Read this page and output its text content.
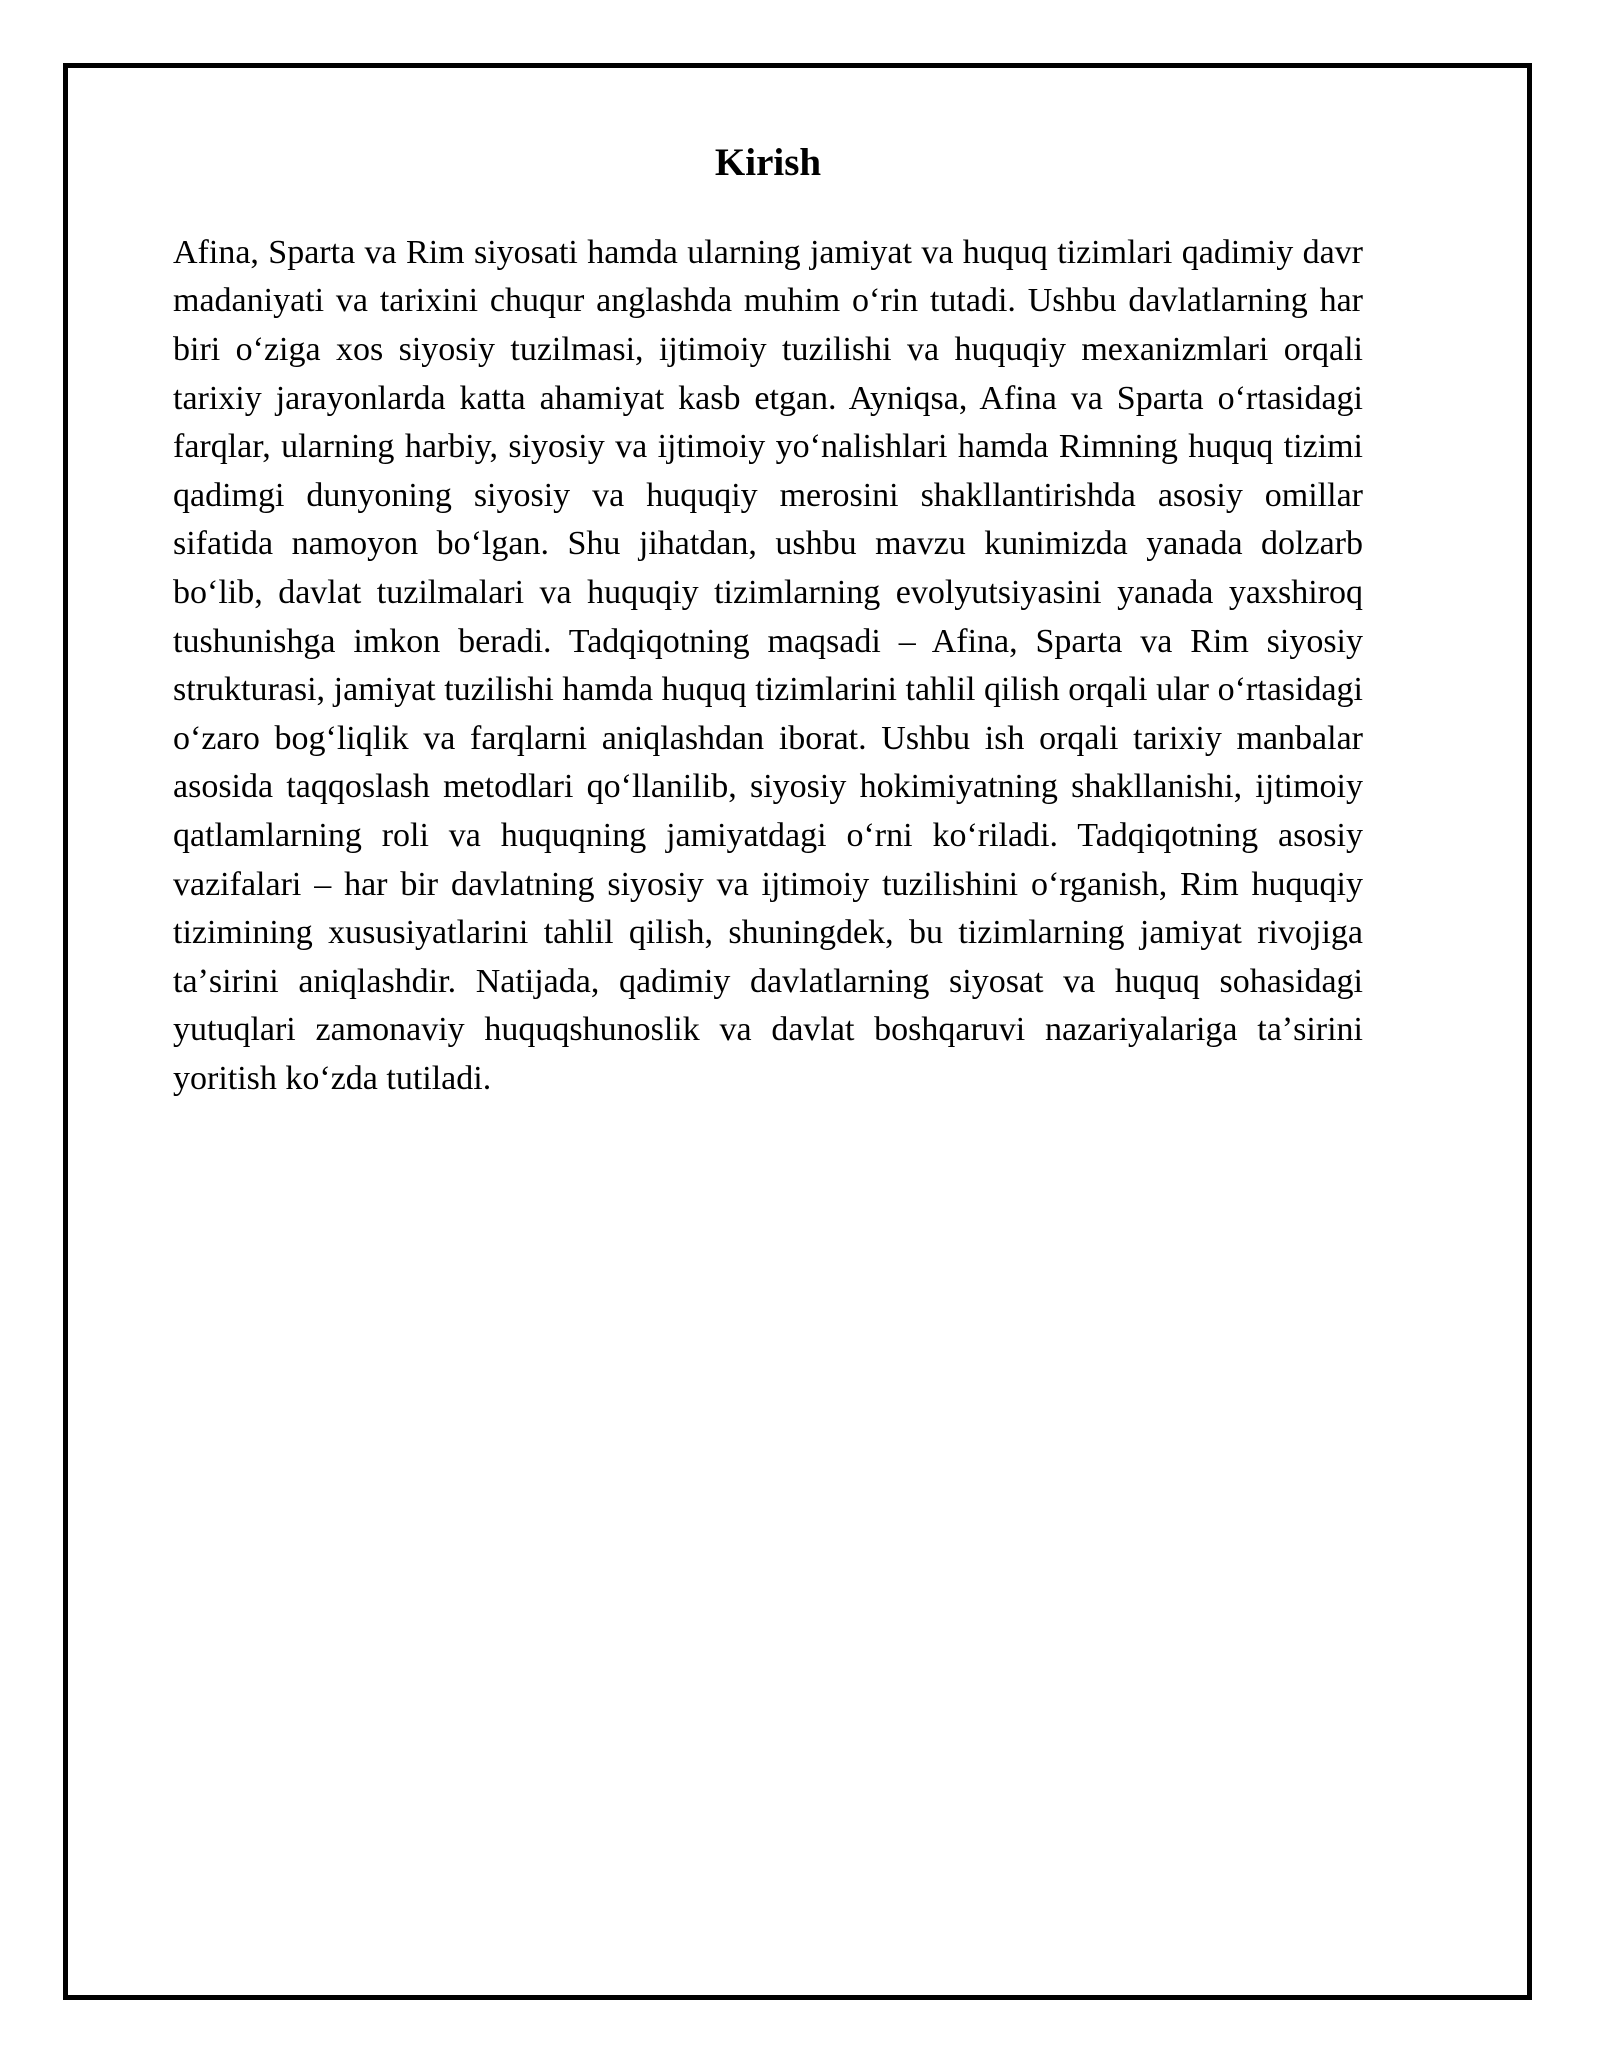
Kirish

Afina, Sparta va Rim siyosati hamda ularning jamiyat va huquq tizimlari qadimiy davr madaniyati va tarixini chuqur anglashda muhim oʻrin tutadi. Ushbu davlatlarning har biri oʻziga xos siyosiy tuzilmasi, ijtimoiy tuzilishi va huquqiy mexanizmlari orqali tarixiy jarayonlarda katta ahamiyat kasb etgan. Ayniqsa, Afina va Sparta oʻrtasidagi farqlar, ularning harbiy, siyosiy va ijtimoiy yoʻnalishlari hamda Rimning huquq tizimi qadimgi dunyoning siyosiy va huquqiy merosini shakllantirishda asosiy omillar sifatida namoyon boʻlgan. Shu jihatdan, ushbu mavzu kunimizda yanada dolzarb boʻlib, davlat tuzilmalari va huquqiy tizimlarning evolyutsiyasini yanada yaxshiroq tushunishga imkon beradi. Tadqiqotning maqsadi – Afina, Sparta va Rim siyosiy strukturasi, jamiyat tuzilishi hamda huquq tizimlarini tahlil qilish orqali ular oʻrtasidagi oʻzaro bogʻliqlik va farqlarni aniqlashdan iborat. Ushbu ish orqali tarixiy manbalar asosida taqqoslash metodlari qoʻllanilib, siyosiy hokimiyatning shakllanishi, ijtimoiy qatlamlarning roli va huquqning jamiyatdagi oʻrni koʻriladi. Tadqiqotning asosiy vazifalari – har bir davlatning siyosiy va ijtimoiy tuzilishini oʻrganish, Rim huquqiy tizimining xususiyatlarini tahlil qilish, shuningdek, bu tizimlarning jamiyat rivojiga taʼsirini aniqlashdir. Natijada, qadimiy davlatlarning siyosat va huquq sohasidagi yutuqlari zamonaviy huquqshunoslik va davlat boshqaruvi nazariyalariga taʼsirini yoritish koʻzda tutiladi.
